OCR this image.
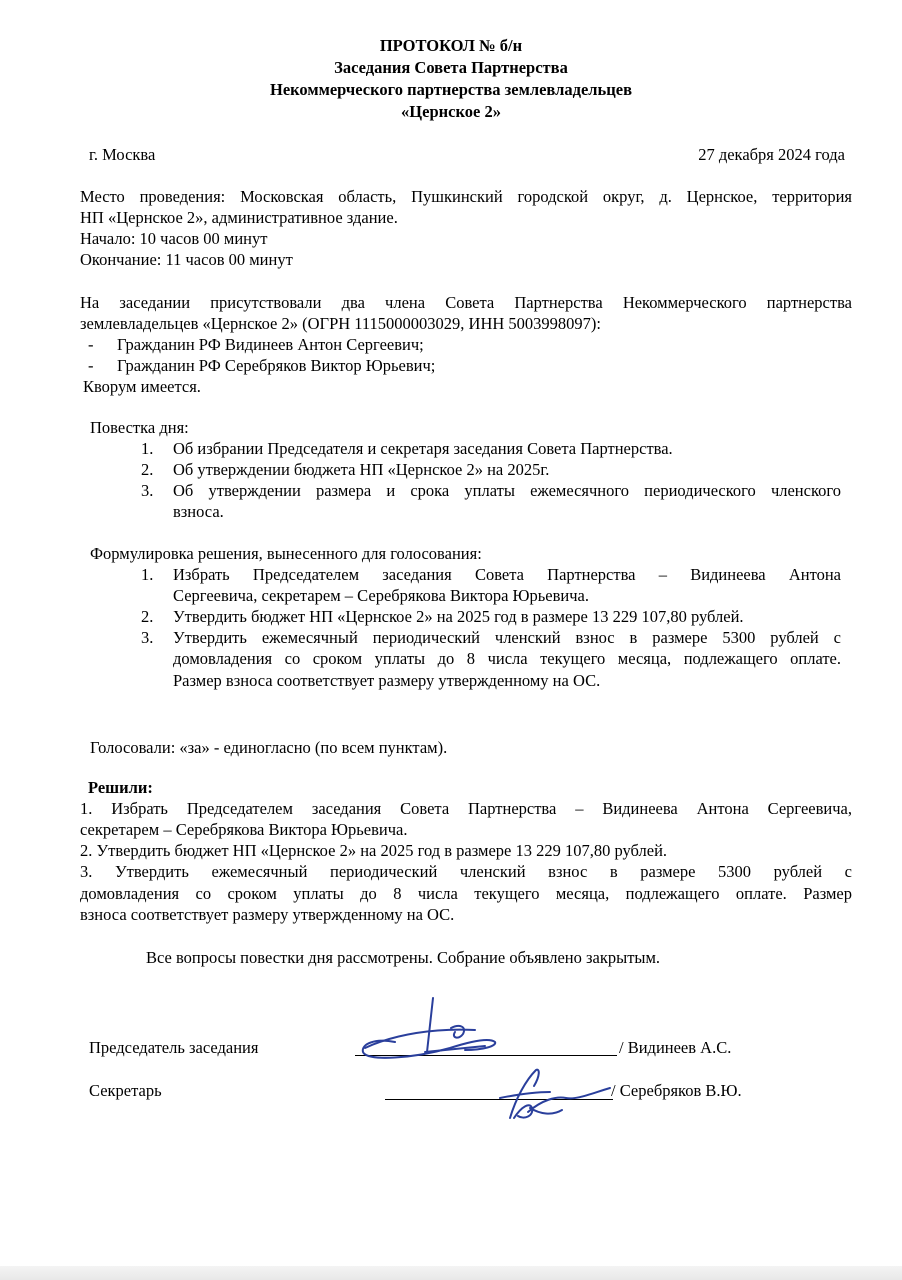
ПРОТОКОЛ № б/н
Заседания Совета Партнерства
Некоммерческого партнерства землевладельцев
«Цернское 2»
г. Москва	27 декабря 2024 года
Место проведения: Московская область, Пушкинский городской округ, д. Цернское, территория
НП «Цернское 2», административное здание.
Начало: 10 часов 00 минут
Окончание: 11 часов 00 минут
На заседании присутствовали два члена Совета Партнерства Некоммерческого партнерства
землевладельцев «Цернское 2» (ОГРН 1115000003029, ИНН 5003998097):
- Гражданин РФ Видинеев Антон Сергеевич;
- Гражданин РФ Серебряков Виктор Юрьевич;
Кворум имеется.
Повестка дня:
1. Об избрании Председателя и секретаря заседания Совета Партнерства.
2. Об утверждении бюджета НП «Цернское 2» на 2025г.
3. Об утверждении размера и срока уплаты ежемесячного периодического членского
взноса.
Формулировка решения, вынесенного для голосования:
1. Избрать Председателем заседания Совета Партнерства – Видинеева Антона
Сергеевича, секретарем – Серебрякова Виктора Юрьевича.
2. Утвердить бюджет НП «Цернское 2» на 2025 год в размере 13 229 107,80 рублей.
3. Утвердить ежемесячный периодический членский взнос в размере 5300 рублей с
домовладения со сроком уплаты до 8 числа текущего месяца, подлежащего оплате.
Размер взноса соответствует размеру утвержденному на ОС.
Голосовали: «за» - единогласно (по всем пунктам).
Решили:
1. Избрать Председателем заседания Совета Партнерства – Видинеева Антона Сергеевича,
секретарем – Серебрякова Виктора Юрьевича.
2. Утвердить бюджет НП «Цернское 2» на 2025 год в размере 13 229 107,80 рублей.
3. Утвердить ежемесячный периодический членский взнос в размере 5300 рублей с
домовладения со сроком уплаты до 8 числа текущего месяца, подлежащего оплате. Размер
взноса соответствует размеру утвержденному на ОС.
Все вопросы повестки дня рассмотрены. Собрание объявлено закрытым.
Председатель заседания	/ Видинеев А.С.
Секретарь	/ Серебряков В.Ю.
